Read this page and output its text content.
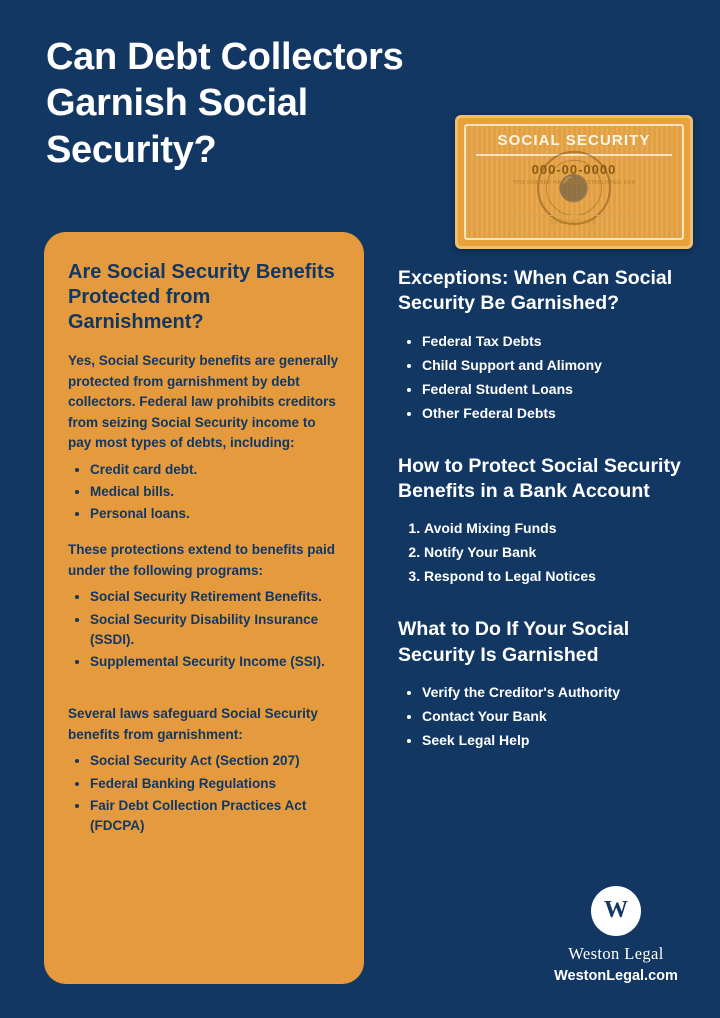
Can Debt Collectors Garnish Social Security?	SOCIAL SECURITY
⚫
000-00-0000
THIS NUMBER HAS BEEN ESTABLISHED FOR
SIGNATURE
Are Social Security Benefits Protected from Garnishment?

Yes, Social Security benefits are generally protected from garnishment by debt collectors. Federal law prohibits creditors from seizing Social Security income to pay most types of debts, including:

• Credit card debt.
• Medical bills.
• Personal loans.

These protections extend to benefits paid under the following programs:

• Social Security Retirement Benefits.
• Social Security Disability Insurance (SSDI).
• Supplemental Security Income (SSI).

Several laws safeguard Social Security benefits from garnishment:

• Social Security Act (Section 207)
• Federal Banking Regulations
• Fair Debt Collection Practices Act (FDCPA)
Exceptions: When Can Social Security Be Garnished?
• Federal Tax Debts
• Child Support and Alimony
• Federal Student Loans
• Other Federal Debts
How to Protect Social Security Benefits in a Bank Account
1. Avoid Mixing Funds
2. Notify Your Bank
3. Respond to Legal Notices
What to Do If Your Social Security Is Garnished
• Verify the Creditor's Authority
• Contact Your Bank
• Seek Legal Help
W
Weston Legal
WestonLegal.com
